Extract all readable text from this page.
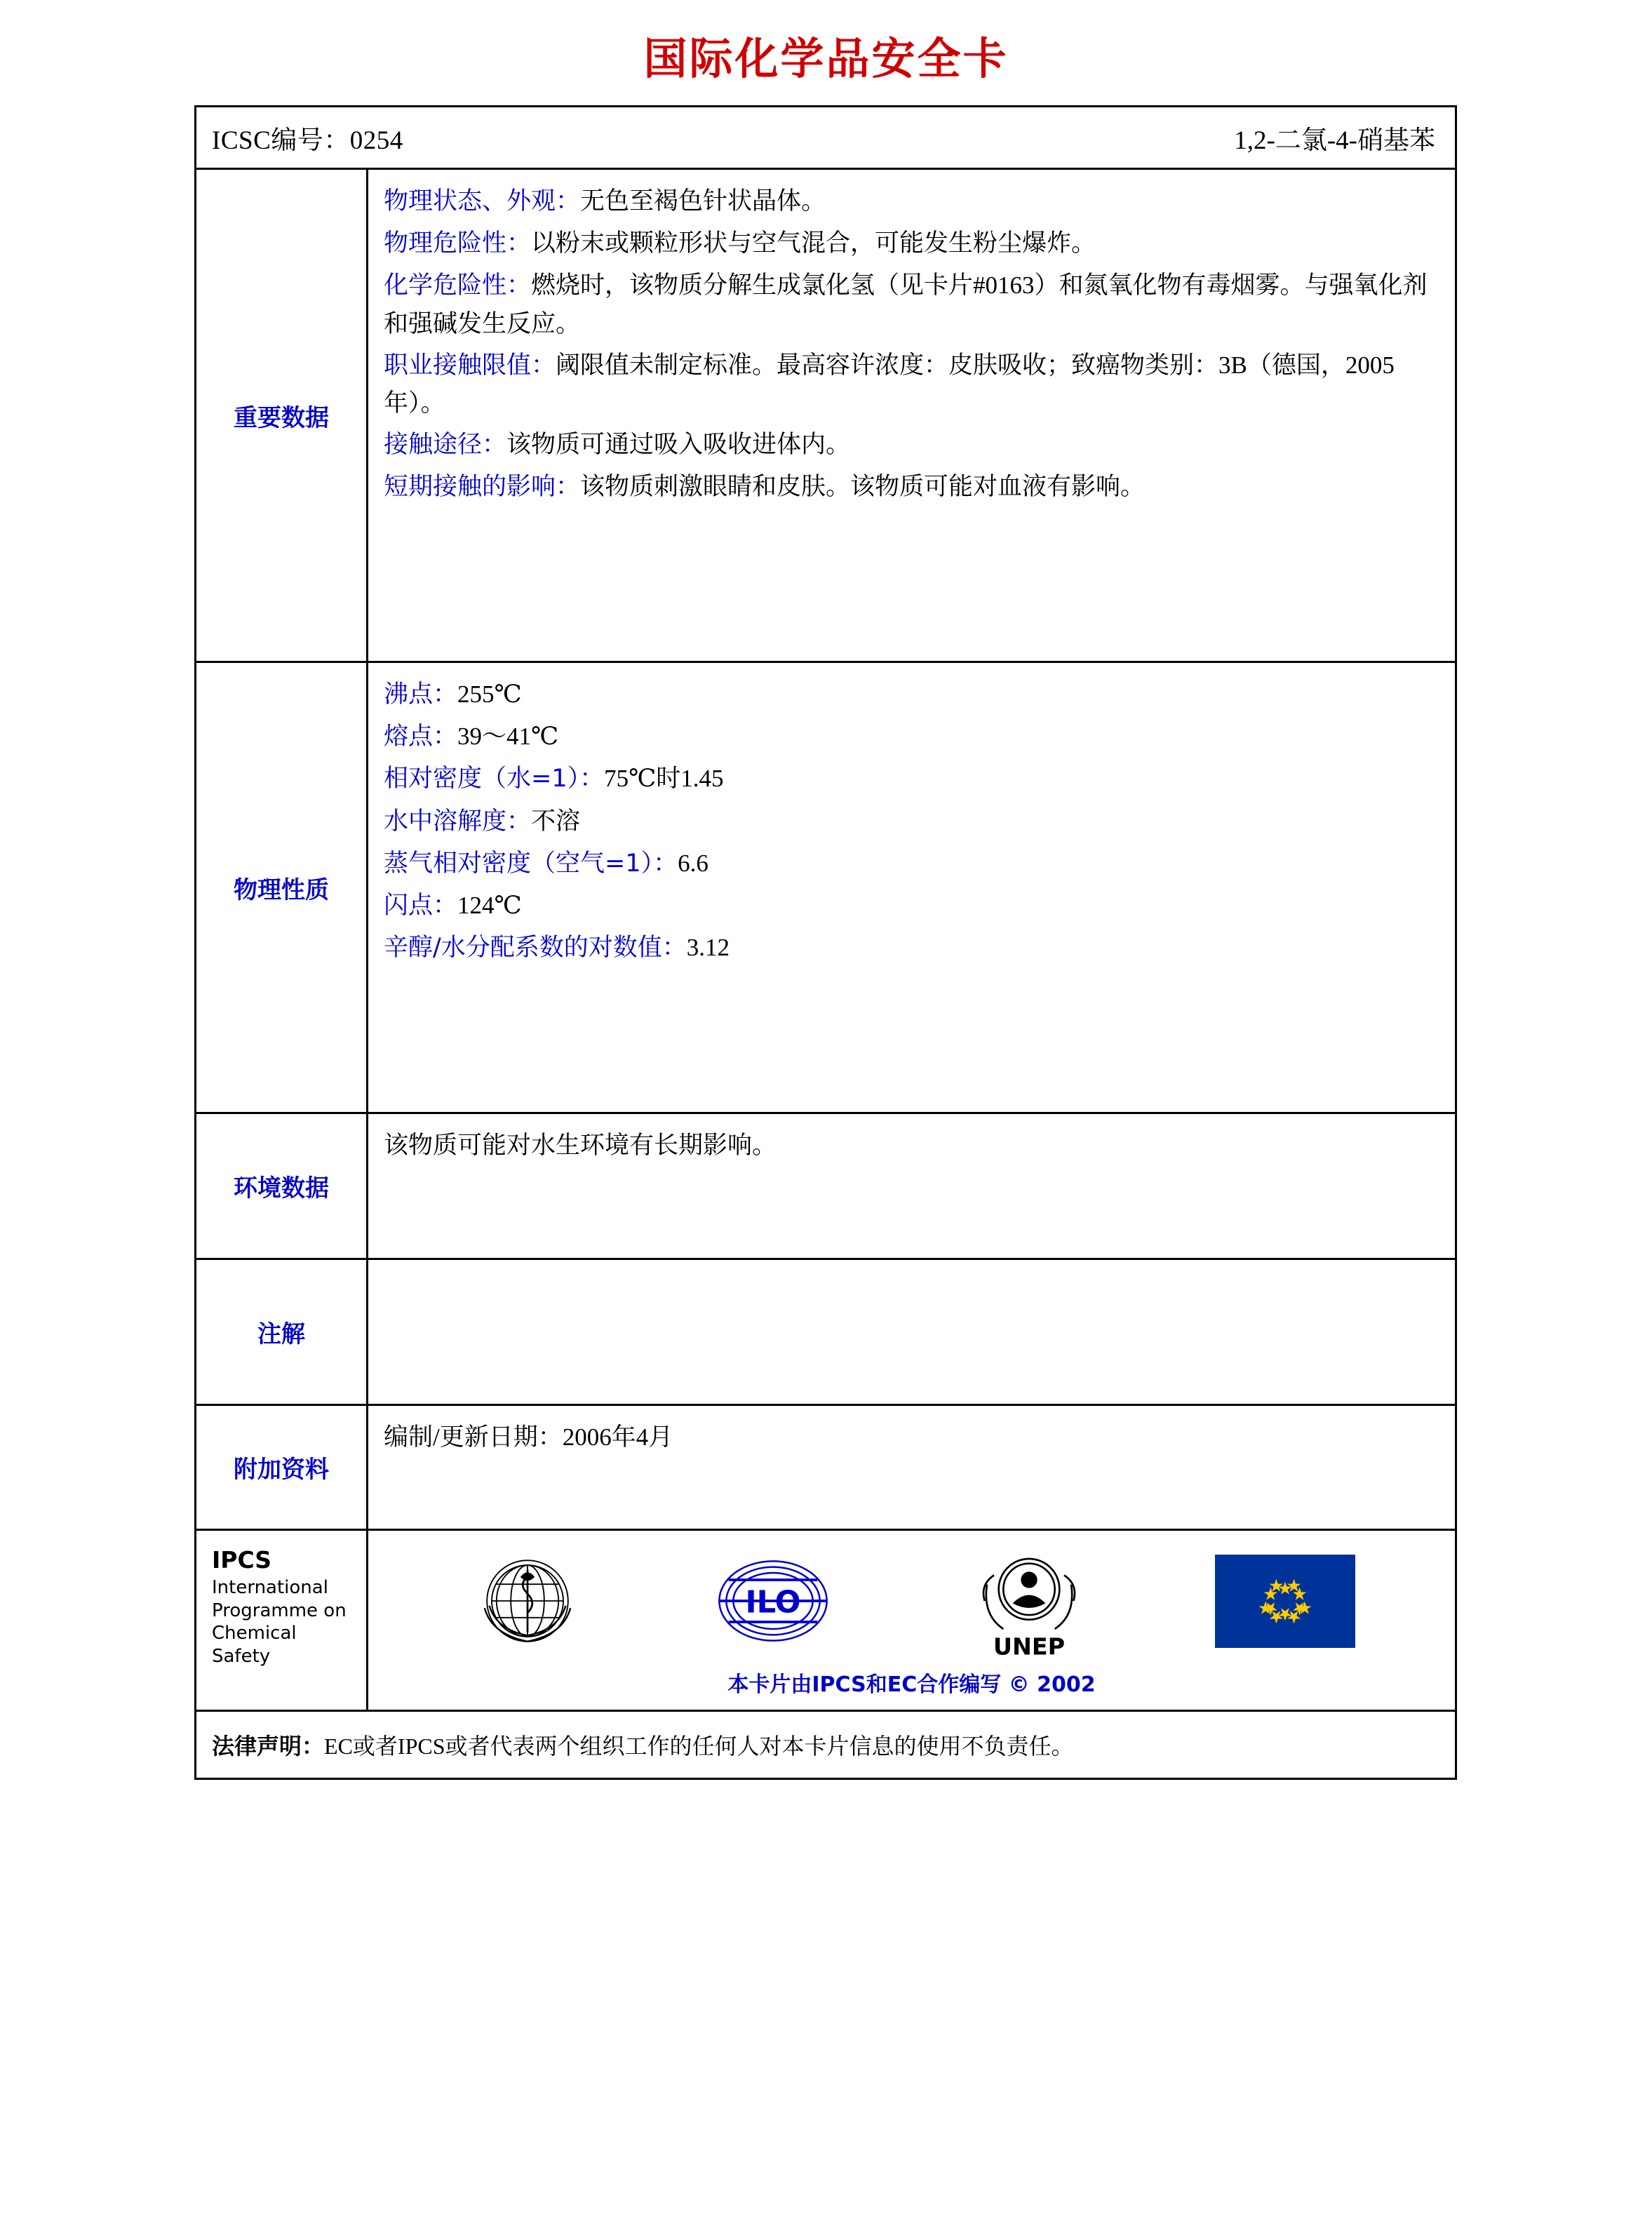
国际化学品安全卡
ICSC编号：0254	1,2-二氯-4-硝基苯
重要数据

物理状态、外观：无色至褐色针状晶体。

物理危险性：以粉末或颗粒形状与空气混合，可能发生粉尘爆炸。

化学危险性：燃烧时，该物质分解生成氯化氢（见卡片#0163）和氮氧化物有毒烟雾。与强氧化剂和强碱发生反应。

职业接触限值：阈限值未制定标准。最高容许浓度：皮肤吸收；致癌物类别：3B（德国，2005年）。

接触途径：该物质可通过吸入吸收进体内。

短期接触的影响：该物质刺激眼睛和皮肤。该物质可能对血液有影响。

物理性质

沸点：255℃

熔点：39～41℃

相对密度（水=1）：75℃时1.45

水中溶解度：不溶

蒸气相对密度（空气=1）：6.6

闪点：124℃

辛醇/水分配系数的对数值：3.12

环境数据

该物质可能对水生环境有长期影响。

注解

附加资料

编制/更新日期：2006年4月

IPCS
International Programme on Chemical Safety
ILO
UNEP
本卡片由IPCS和EC合作编写 © 2002
法律声明： EC或者IPCS或者代表两个组织工作的任何人对本卡片信息的使用不负责任。
